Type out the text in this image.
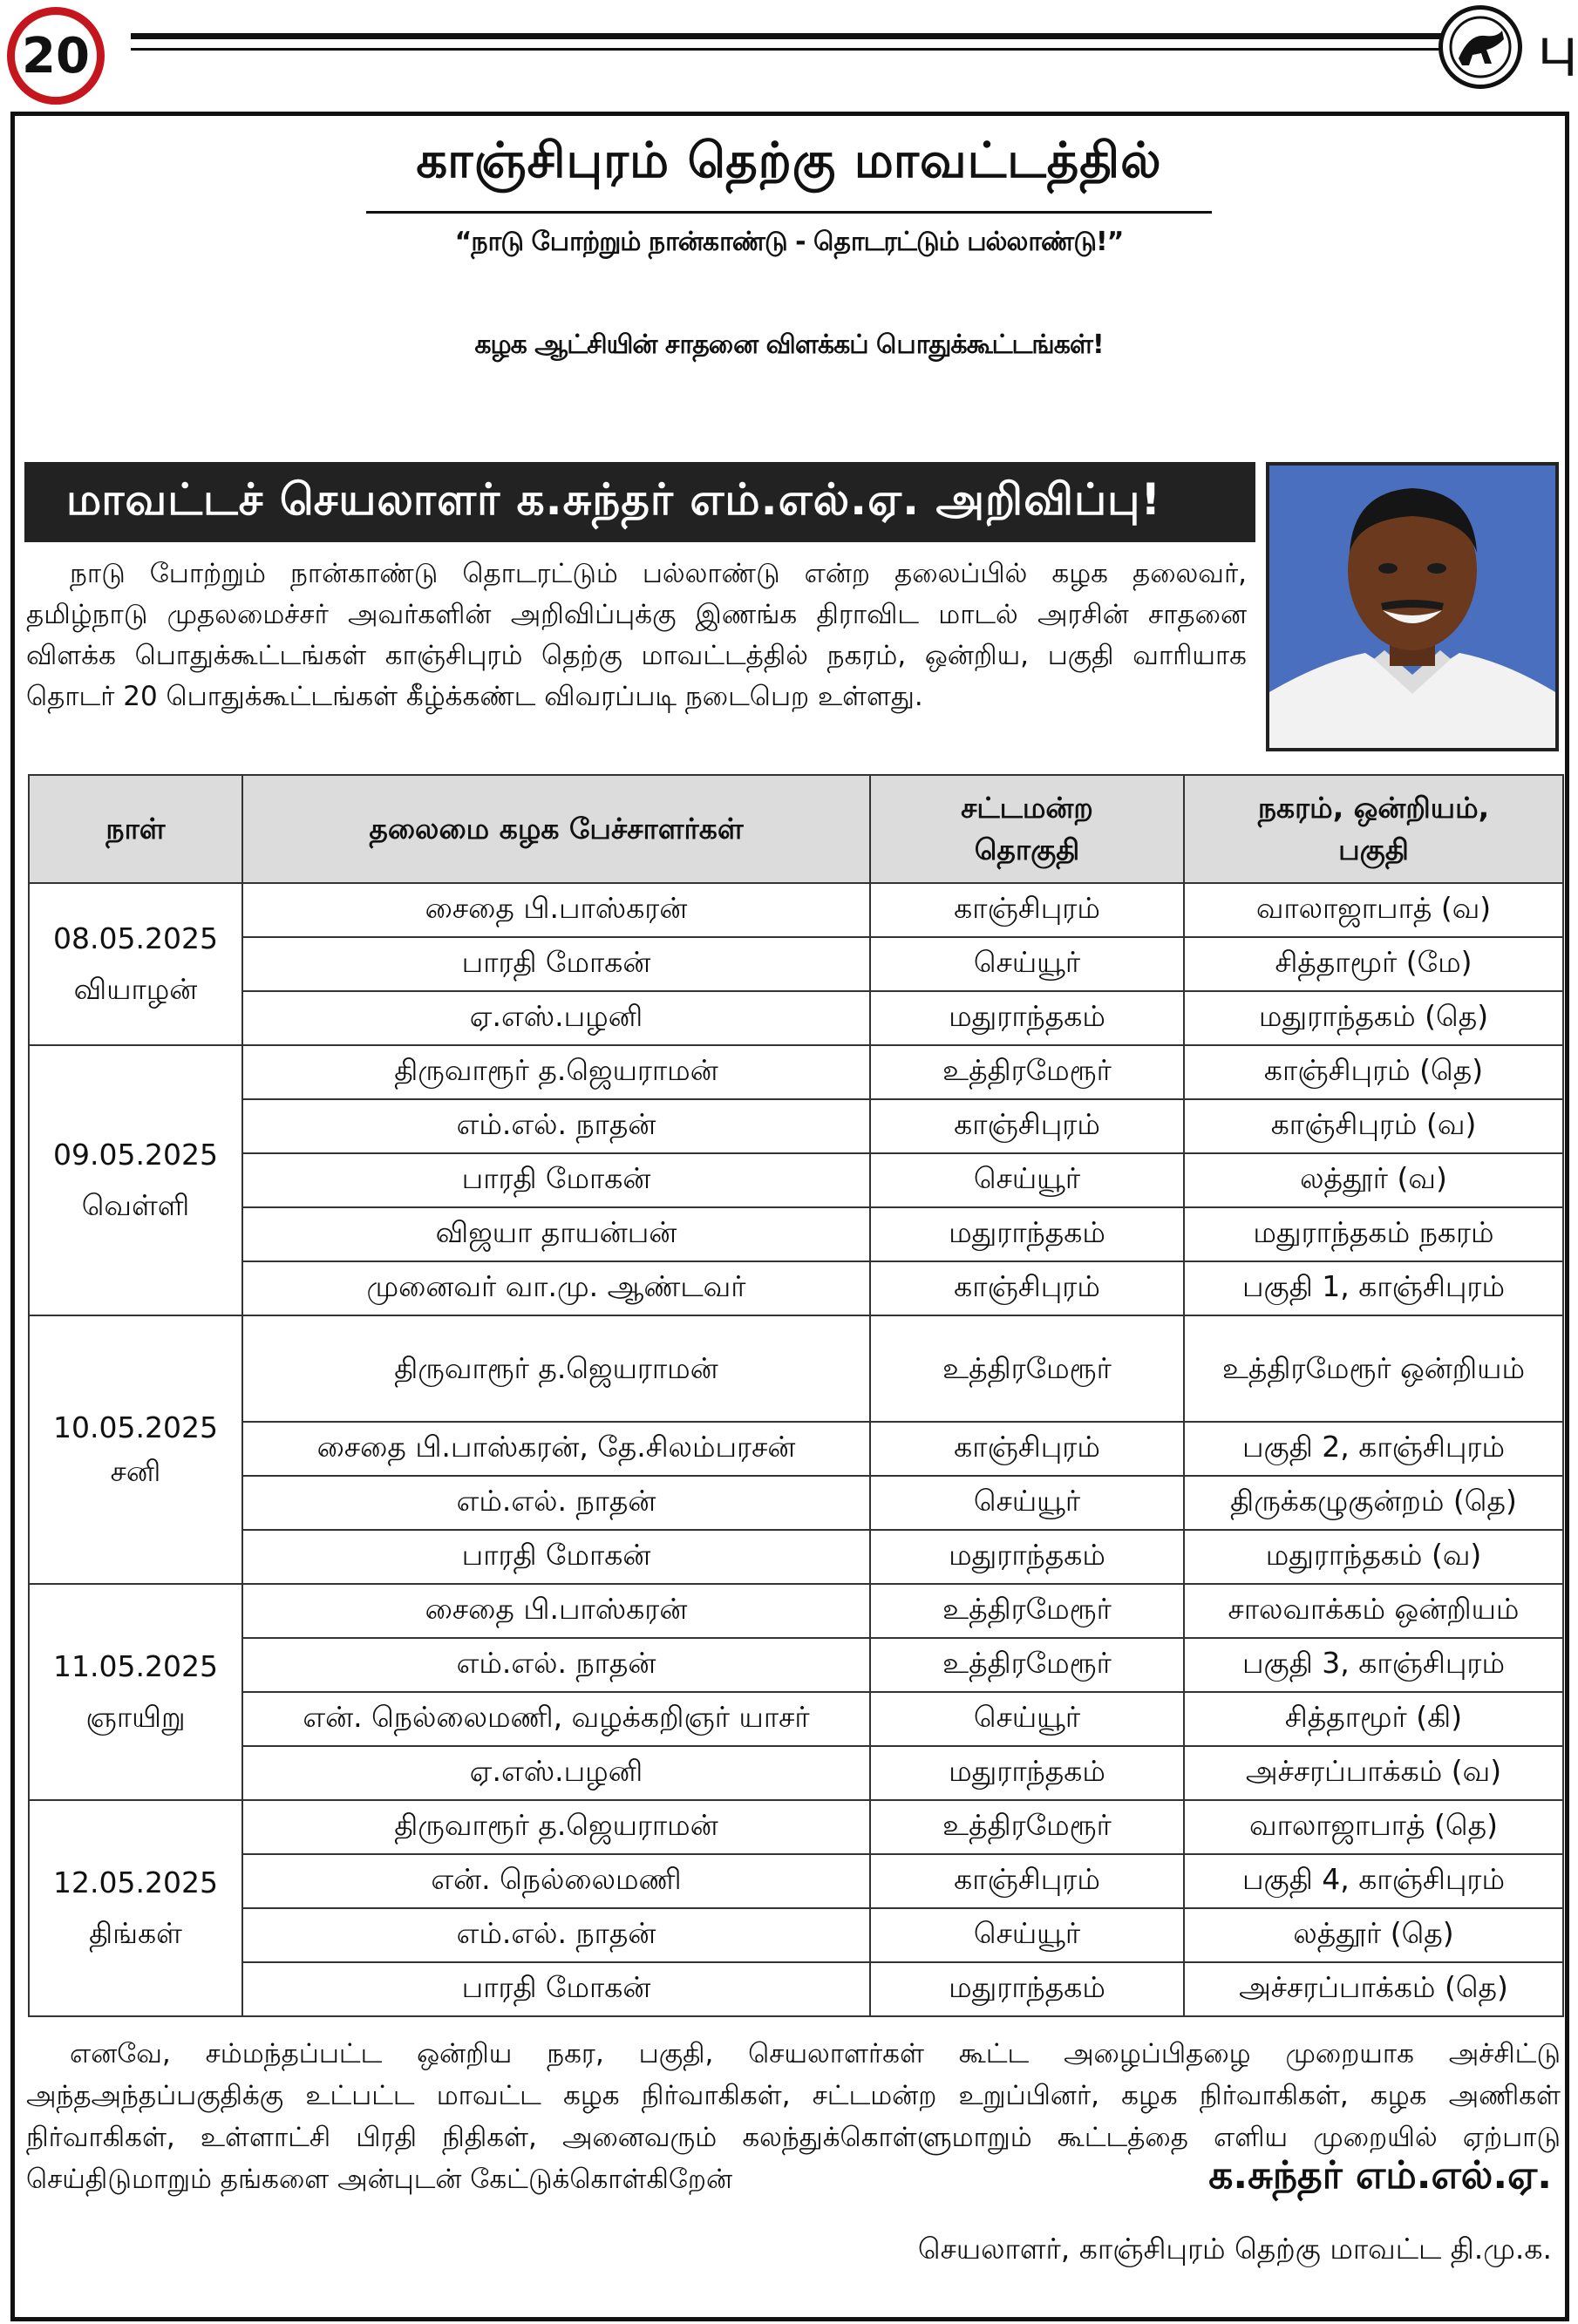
20	பு
காஞ்சிபுரம் தெற்கு மாவட்டத்தில்
“நாடு போற்றும் நான்காண்டு - தொடரட்டும் பல்லாண்டு!”
கழக ஆட்சியின் சாதனை விளக்கப் பொதுக்கூட்டங்கள்!
மாவட்டச் செயலாளர் க.சுந்தர் எம்.எல்.ஏ. அறிவிப்பு!
நாடு போற்றும் நான்காண்டு தொடரட்டும் பல்லாண்டு என்ற தலைப்பில் கழக தலைவர், தமிழ்நாடு முதலமைச்சர் அவர்களின் அறிவிப்புக்கு இணங்க திராவிட மாடல் அரசின் சாதனை விளக்க பொதுக்கூட்டங்கள் காஞ்சிபுரம் தெற்கு மாவட்டத்தில் நகரம், ஒன்றிய, பகுதி வாரியாக தொடர் 20 பொதுக்கூட்டங்கள் கீழ்க்கண்ட விவரப்படி நடைபெற உள்ளது.
நாள்	தலைமை கழக பேச்சாளர்கள்	சட்டமன்ற தொகுதி	நகரம், ஒன்றியம், பகுதி

08.05.2025
வியாழன்	சைதை பி.பாஸ்கரன்	காஞ்சிபுரம்	வாலாஜாபாத் (வ)
	பாரதி மோகன்	செய்யூர்	சித்தாமூர் (மே)
	ஏ.எஸ்.பழனி	மதுராந்தகம்	மதுராந்தகம் (தெ)

09.05.2025
வெள்ளி	திருவாரூர் த.ஜெயராமன்	உத்திரமேரூர்	காஞ்சிபுரம் (தெ)
	எம்.எல். நாதன்	காஞ்சிபுரம்	காஞ்சிபுரம் (வ)
	பாரதி மோகன்	செய்யூர்	லத்தூர் (வ)
	விஜயா தாயன்பன்	மதுராந்தகம்	மதுராந்தகம் நகரம்
	முனைவர் வா.மு. ஆண்டவர்	காஞ்சிபுரம்	பகுதி 1, காஞ்சிபுரம்

10.05.2025
சனி	திருவாரூர் த.ஜெயராமன்	உத்திரமேரூர்	உத்திரமேரூர் ஒன்றியம்
	சைதை பி.பாஸ்கரன், தே.சிலம்பரசன்	காஞ்சிபுரம்	பகுதி 2, காஞ்சிபுரம்
	எம்.எல். நாதன்	செய்யூர்	திருக்கழுகுன்றம் (தெ)
	பாரதி மோகன்	மதுராந்தகம்	மதுராந்தகம் (வ)

11.05.2025
ஞாயிறு	சைதை பி.பாஸ்கரன்	உத்திரமேரூர்	சாலவாக்கம் ஒன்றியம்
	எம்.எல். நாதன்	உத்திரமேரூர்	பகுதி 3, காஞ்சிபுரம்
	என். நெல்லைமணி, வழக்கறிஞர் யாசர்	செய்யூர்	சித்தாமூர் (கி)
	ஏ.எஸ்.பழனி	மதுராந்தகம்	அச்சரப்பாக்கம் (வ)

12.05.2025
திங்கள்	திருவாரூர் த.ஜெயராமன்	உத்திரமேரூர்	வாலாஜாபாத் (தெ)
	என். நெல்லைமணி	காஞ்சிபுரம்	பகுதி 4, காஞ்சிபுரம்
	எம்.எல். நாதன்	செய்யூர்	லத்தூர் (தெ)
	பாரதி மோகன்	மதுராந்தகம்	அச்சரப்பாக்கம் (தெ)
எனவே, சம்மந்தப்பட்ட ஒன்றிய நகர, பகுதி, செயலாளர்கள் கூட்ட அழைப்பிதழை முறையாக அச்சிட்டு அந்தஅந்தப்பகுதிக்கு உட்பட்ட மாவட்ட கழக நிர்வாகிகள், சட்டமன்ற உறுப்பினர், கழக நிர்வாகிகள், கழக அணிகள் நிர்வாகிகள், உள்ளாட்சி பிரதி நிதிகள், அனைவரும் கலந்துக்கொள்ளுமாறும் கூட்டத்தை எளிய முறையில் ஏற்பாடு செய்திடுமாறும் தங்களை அன்புடன் கேட்டுக்கொள்கிறேன்	க.சுந்தர் எம்.எல்.ஏ.
செயலாளர், காஞ்சிபுரம் தெற்கு மாவட்ட தி.மு.க.
